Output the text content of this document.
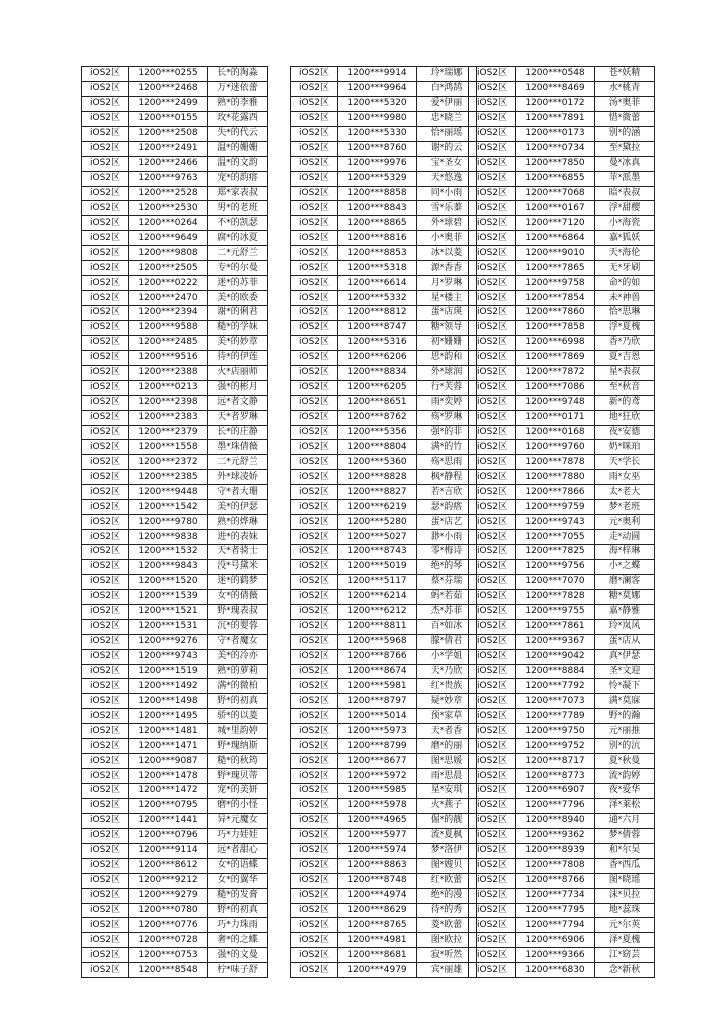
iOS2区	1200***0255	长*的淘淼
iOS2区	1200***2468	万*迷依蕾
iOS2区	1200***2499	熟*的李雅
iOS2区	1200***0155	玫*花露西
iOS2区	1200***2508	失*的代云
iOS2区	1200***2491	温*的姗姗
iOS2区	1200***2466	温*的文韵
iOS2区	1200***9763	宠*的韵瘩
iOS2区	1200***2528	郑*家表叔
iOS2区	1200***2530	男*的老班
iOS2区	1200***0264	不*的凯瑟
iOS2区	1200***9649	腐*的冰夏
iOS2区	1200***9808	二*元舒兰
iOS2区	1200***2505	专*的尔曼
iOS2区	1200***0222	迷*的苏菲
iOS2区	1200***2470	美*的欧委
iOS2区	1200***2394	谢*的俐君
iOS2区	1200***9588	糙*的学妹
iOS2区	1200***2485	美*的妙章
iOS2区	1200***9516	待*的伊莲
iOS2区	1200***2388	火*店丽师
iOS2区	1200***0213	强*的彬月
iOS2区	1200***2398	远*者文静
iOS2区	1200***2383	天*者罗琳
iOS2区	1200***2379	长*的庄静
iOS2区	1200***1558	墨*珠倩薇
iOS2区	1200***2372	二*元舒兰
iOS2区	1200***2385	外*球凌娇
iOS2区	1200***9448	守*者大珊
iOS2区	1200***1542	美*的伊瑟
iOS2区	1200***9780	熟*的烨琳
iOS2区	1200***9838	进*的表妹
iOS2区	1200***1532	天*者骑士
iOS2区	1200***9843	没*号黛米
iOS2区	1200***1520	迷*的鹤梦
iOS2区	1200***1539	女*的倩薇
iOS2区	1200***1521	野*瑰表叔
iOS2区	1200***1531	沉*的婴蓉
iOS2区	1200***9276	守*者魔女
iOS2区	1200***9743	美*的冷亦
iOS2区	1200***1519	熟*的萝莉
iOS2区	1200***1492	满*的微柏
iOS2区	1200***1498	野*的初真
iOS2区	1200***1495	骄*的以菱
iOS2区	1200***1481	城*里韵婷
iOS2区	1200***1471	野*瑰纳斯
iOS2区	1200***9087	糙*的秋筠
iOS2区	1200***1478	野*瑰贝蒂
iOS2区	1200***1472	宠*的美妍
iOS2区	1200***0795	磨*的小怪
iOS2区	1200***1441	异*元魔女
iOS2区	1200***0796	巧*力娃娃
iOS2区	1200***9114	远*者甜心
iOS2区	1200***8612	女*的语蝶
iOS2区	1200***9212	女*的翼华
iOS2区	1200***9279	糙*的发膏
iOS2区	1200***0780	野*的初真
iOS2区	1200***0776	巧*力珠雨
iOS2区	1200***0728	奢*的之蝶
iOS2区	1200***0753	强*的文曼
iOS2区	1200***8548	柠*味子舒
iOS2区	1200***9914	玲*瑞娜
iOS2区	1200***9964	白*鸿鹄
iOS2区	1200***5320	爱*伊丽
iOS2区	1200***9980	忠*晓兰
iOS2区	1200***5330	恰*丽瑶
iOS2区	1200***8760	谢*的云
iOS2区	1200***9976	宝*圣女
iOS2区	1200***5329	天*悠逸
iOS2区	1200***8858	同*小雨
iOS2区	1200***8843	雪*乐蓁
iOS2区	1200***8865	外*球碧
iOS2区	1200***8816	小*奥菲
iOS2区	1200***8853	冰*以菱
iOS2区	1200***5318	源*香香
iOS2区	1200***6614	月*罗琳
iOS2区	1200***5332	星*楼主
iOS2区	1200***8812	蛋*店瑛
iOS2区	1200***8747	糖*领导
iOS2区	1200***5316	初*姗姗
iOS2区	1200***6206	思*韵和
iOS2区	1200***8834	外*球润
iOS2区	1200***6205	行*芙蓉
iOS2区	1200***8651	雨*奕婷
iOS2区	1200***8762	殇*罗琳
iOS2区	1200***5356	强*的非
iOS2区	1200***8804	满*的竹
iOS2区	1200***5360	殇*思雨
iOS2区	1200***8828	枫*静程
iOS2区	1200***8827	若*言欣
iOS2区	1200***6219	瑟*韵瘩
iOS2区	1200***5280	蛋*店艺
iOS2区	1200***5027	渺*小雨
iOS2区	1200***8743	零*梅诗
iOS2区	1200***5019	绝*的琴
iOS2区	1200***5117	蔡*芬瑞
iOS2区	1200***6214	蚂*若茹
iOS2区	1200***6212	杰*苏菲
iOS2区	1200***8811	百*如冰
iOS2区	1200***5968	朦*倩君
iOS2区	1200***8766	小*学姐
iOS2区	1200***8674	天*乃欣
iOS2区	1200***5981	红*贵族
iOS2区	1200***8797	疑*妙章
iOS2区	1200***5014	预*家草
iOS2区	1200***5973	天*者香
iOS2区	1200***8799	磨*的丽
iOS2区	1200***8677	图*思媛
iOS2区	1200***5972	雨*思晨
iOS2区	1200***5985	星*安琪
iOS2区	1200***5978	火*燕子
iOS2区	1200***4965	倔*的靓
iOS2区	1200***5977	流*夏枫
iOS2区	1200***5974	梦*洛伊
iOS2区	1200***8863	图*嫂贝
iOS2区	1200***8748	红*欧蕾
iOS2区	1200***4974	绝*的漫
iOS2区	1200***8629	待*的秀
iOS2区	1200***8765	菱*欧蕾
iOS2区	1200***4981	图*欧拉
iOS2区	1200***8681	寂*听然
iOS2区	1200***4979	宾*丽雄
iOS2区	1200***0548	苍*妖精
iOS2区	1200***8469	水*桃青
iOS2区	1200***0172	汤*奥菲
iOS2区	1200***7891	惜*微蕾
iOS2区	1200***0173	别*的涵
iOS2区	1200***0734	至*黛拉
iOS2区	1200***7850	曼*冰真
iOS2区	1200***6855	苹*派墨
iOS2区	1200***7068	暗*表叔
iOS2区	1200***0167	浮*甜樱
iOS2区	1200***7120	小*海瓷
iOS2区	1200***6864	嘉*狐妖
iOS2区	1200***9010	天*海伦
iOS2区	1200***7865	无*牙刷
iOS2区	1200***9758	命*的如
iOS2区	1200***7854	未*神兽
iOS2区	1200***7860	恰*思琳
iOS2区	1200***7858	浮*夏槐
iOS2区	1200***6998	香*乃欣
iOS2区	1200***7869	夏*吉恩
iOS2区	1200***7872	星*表叔
iOS2区	1200***7086	至*秋音
iOS2区	1200***9748	新*的鸢
iOS2区	1200***0171	地*狂欣
iOS2区	1200***0168	夜*安德
iOS2区	1200***9760	奶*咪珀
iOS2区	1200***7878	天*学长
iOS2区	1200***7880	雨*女巫
iOS2区	1200***7866	太*老大
iOS2区	1200***9759	梦*老班
iOS2区	1200***9743	元*奥利
iOS2区	1200***7055	走*动圆
iOS2区	1200***7825	海*梓琳
iOS2区	1200***9756	小*之蝶
iOS2区	1200***7070	磨*澜客
iOS2区	1200***7828	糖*莫娜
iOS2区	1200***9755	嘉*静雅
iOS2区	1200***7861	玲*岚风
iOS2区	1200***9367	蛋*店从
iOS2区	1200***9042	真*伊瑟
iOS2区	1200***8884	圣*文迎
iOS2区	1200***7792	怜*凝下
iOS2区	1200***7073	满*莫寐
iOS2区	1200***7789	野*的瀚
iOS2区	1200***9750	元*丽推
iOS2区	1200***9752	别*的沆
iOS2区	1200***8717	夏*秋曼
iOS2区	1200***8773	流*韵婷
iOS2区	1200***6907	夜*爱华
iOS2区	1200***7796	泽*莱松
iOS2区	1200***8940	通*六月
iOS2区	1200***9362	梦*倩蓉
iOS2区	1200***8939	和*尔吴
iOS2区	1200***7808	香*西瓜
iOS2区	1200***8766	图*晓瑶
iOS2区	1200***7734	沫*贝拉
iOS2区	1200***7795	地*蕊珠
iOS2区	1200***7794	元*尔英
iOS2区	1200***6906	泽*夏槐
iOS2区	1200***9366	江*窈芸
iOS2区	1200***6830	念*新秋
